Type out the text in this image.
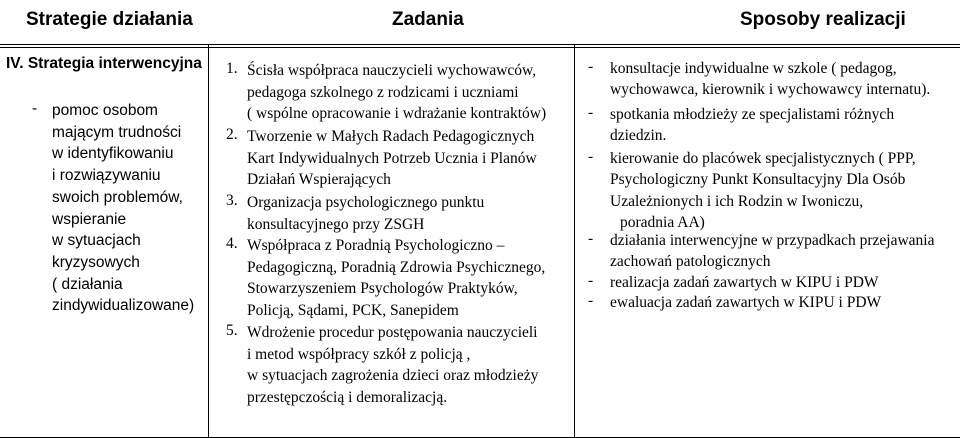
Strategie działania	Zadania	Sposoby realizacji
IV. Strategia interwencyjna
- pomoc osobom
mającym trudności
w identyfikowaniu
i rozwiązywaniu
swoich problemów,
wspieranie
w sytuacjach
kryzysowych
( działania
zindywidualizowane)
1. Ścisła współpraca nauczycieli wychowawców,
pedagoga szkolnego z rodzicami i uczniami
( wspólne opracowanie i wdrażanie kontraktów)
2. Tworzenie w Małych Radach Pedagogicznych
Kart Indywidualnych Potrzeb Ucznia i Planów
Działań Wspierających
3. Organizacja psychologicznego punktu
konsultacyjnego przy ZSGH
4. Współpraca z Poradnią Psychologiczno –
Pedagogiczną, Poradnią Zdrowia Psychicznego,
Stowarzyszeniem Psychologów Praktyków,
Policją, Sądami, PCK, Sanepidem
5. Wdrożenie procedur postępowania nauczycieli
i metod współpracy szkół z policją ,
w sytuacjach zagrożenia dzieci oraz młodzieży
przestępczością i demoralizacją.
- konsultacje indywidualne w szkole ( pedagog,
wychowawca, kierownik i wychowawcy internatu).
- spotkania młodzieży ze specjalistami różnych
dziedzin.
- kierowanie do placówek specjalistycznych ( PPP,
Psychologiczny Punkt Konsultacyjny Dla Osób
Uzależnionych i ich Rodzin w Iwoniczu,
poradnia AA)
- działania interwencyjne w przypadkach przejawania
zachowań patologicznych
- realizacja zadań zawartych w KIPU i PDW
- ewaluacja zadań zawartych w KIPU i PDW
